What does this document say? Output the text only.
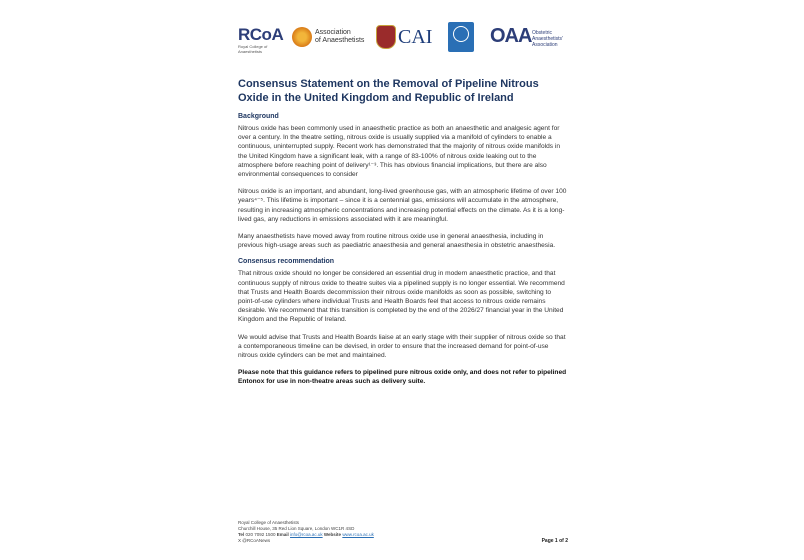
RCoA
Royal College of Anaesthetists
Association
of Anaesthetists CAI	OAA Obstetric
Anaesthetists'
Association
Consensus Statement on the Removal of Pipeline Nitrous Oxide in the United Kingdom and Republic of Ireland
Background

Nitrous oxide has been commonly used in anaesthetic practice as both an anaesthetic and analgesic agent for over a century. In the theatre setting, nitrous oxide is usually supplied via a manifold of cylinders to enable a continuous, uninterrupted supply. Recent work has demonstrated that the majority of nitrous oxide manifolds in the United Kingdom have a significant leak, with a range of 83-100% of nitrous oxide leaking out to the atmosphere before reaching point of delivery¹⁻³. This has obvious financial implications, but there are also environmental consequences to consider

Nitrous oxide is an important, and abundant, long-lived greenhouse gas, with an atmospheric lifetime of over 100 years⁴⁻⁵. This lifetime is important – since it is a centennial gas, emissions will accumulate in the atmosphere, resulting in increasing atmospheric concentrations and increasing potential effects on the climate. As it is a long-lived gas, any reductions in emissions associated with it are meaningful.

Many anaesthetists have moved away from routine nitrous oxide use in general anaesthesia, including in previous high-usage areas such as paediatric anaesthesia and general anaesthesia in obstetric anaesthesia.

Consensus recommendation

That nitrous oxide should no longer be considered an essential drug in modern anaesthetic practice, and that continuous supply of nitrous oxide to theatre suites via a pipelined supply is no longer essential. We recommend that Trusts and Health Boards decommission their nitrous oxide manifolds as soon as possible, switching to point-of-use cylinders where individual Trusts and Health Boards feel that access to nitrous oxide remains desirable. We recommend that this transition is completed by the end of the 2026/27 financial year in the United Kingdom and the Republic of Ireland.

We would advise that Trusts and Health Boards liaise at an early stage with their supplier of nitrous oxide so that a contemporaneous timeline can be devised, in order to ensure that the increased demand for point-of-use nitrous oxide cylinders can be met and maintained.

Please note that this guidance refers to pipelined pure nitrous oxide only, and does not refer to pipelined Entonox for use in non-theatre areas such as delivery suite.

Royal College of Anaesthetists
Churchill House, 35 Red Lion Square, London WC1R 4SD
Tel 020 7092 1500 Email info@rcoa.ac.uk Website www.rcoa.ac.uk
X @RCoANews	Page 1 of 2
